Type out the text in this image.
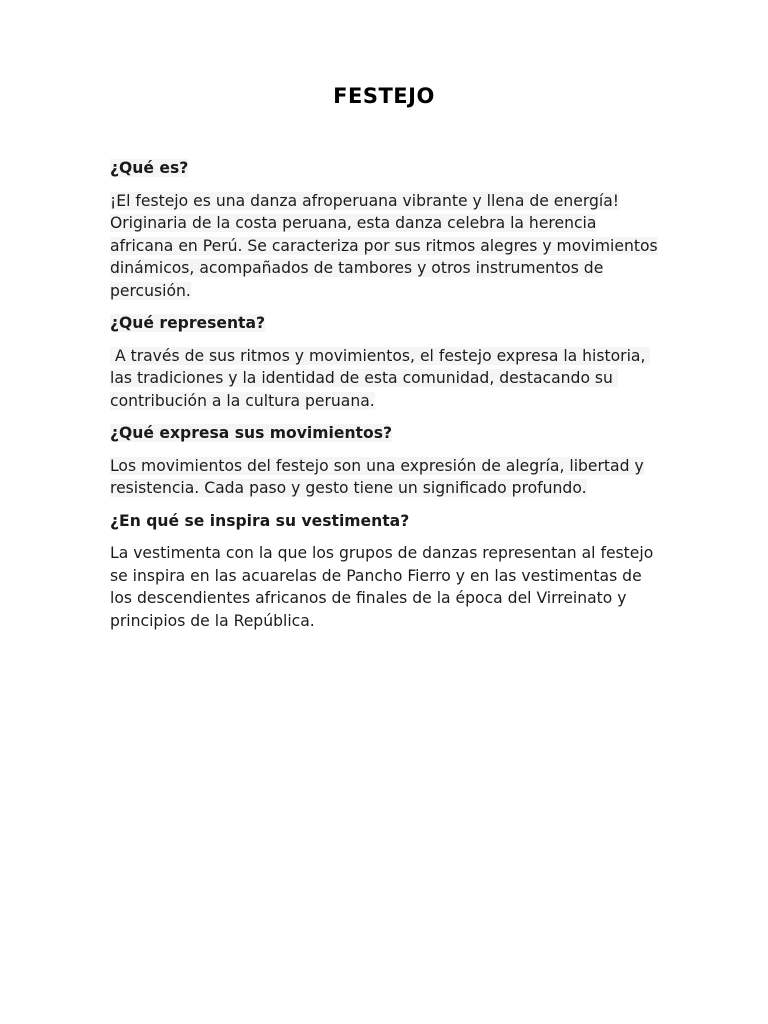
FESTEJO

¿Qué es?

¡El festejo es una danza afroperuana vibrante y llena de energía! Originaria de la costa peruana, esta danza celebra la herencia africana en Perú. Se caracteriza por sus ritmos alegres y movimientos dinámicos, acompañados de tambores y otros instrumentos de percusión.

¿Qué representa?

A través de sus ritmos y movimientos, el festejo expresa la historia, las tradiciones y la identidad de esta comunidad, destacando su contribución a la cultura peruana.

¿Qué expresa sus movimientos?

Los movimientos del festejo son una expresión de alegría, libertad y resistencia. Cada paso y gesto tiene un significado profundo.

¿En qué se inspira su vestimenta?

La vestimenta con la que los grupos de danzas representan al festejo se inspira en las acuarelas de Pancho Fierro y en las vestimentas de los descendientes africanos de finales de la época del Virreinato y principios de la República.
